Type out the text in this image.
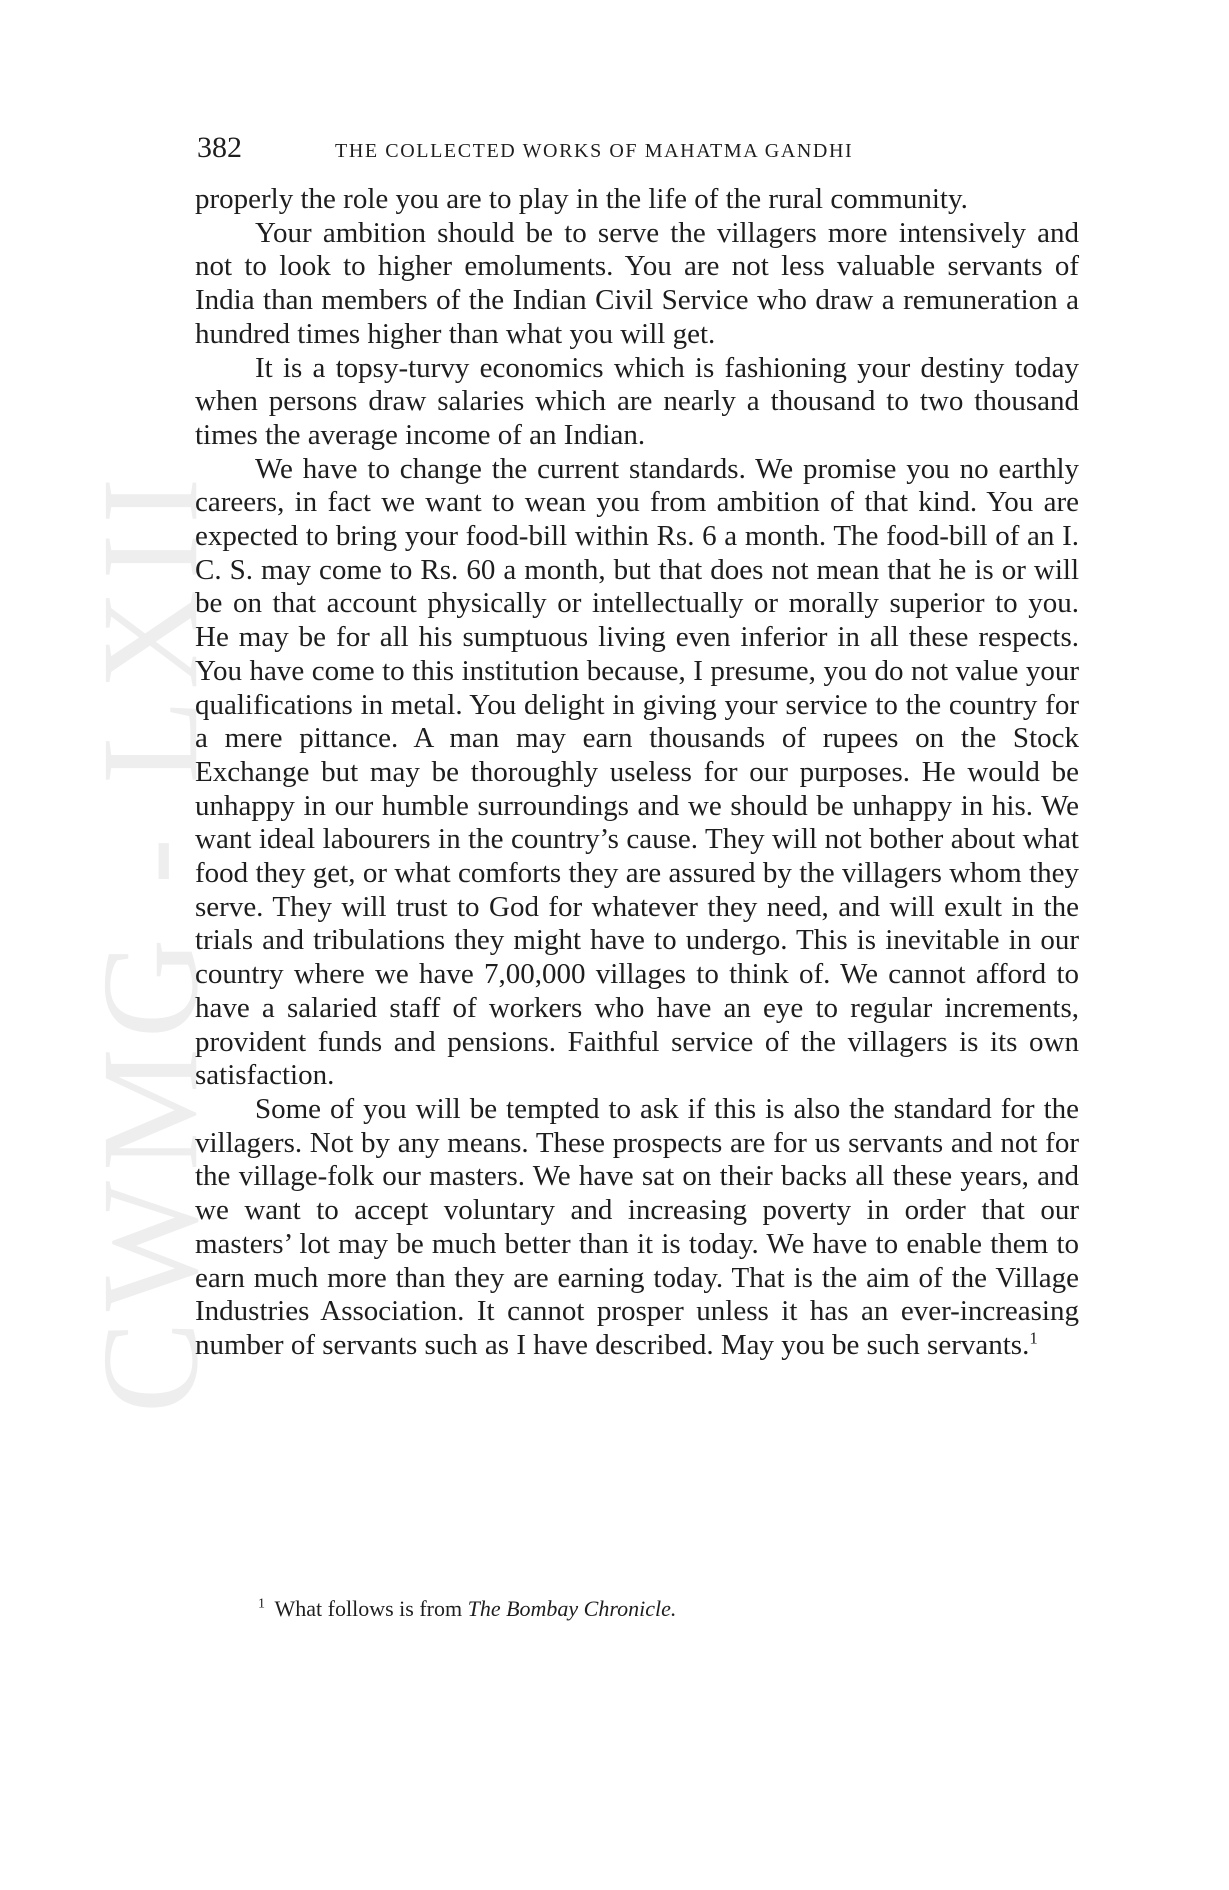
CWMG - LXII
382	THE COLLECTED WORKS OF MAHATMA GANDHI

properly the role you are to play in the life of the rural community.

Your ambition should be to serve the villagers more intensively and not to look to higher emoluments. You are not less valuable servants of India than members of the Indian Civil Service who draw a remuneration a hundred times higher than what you will get.

It is a topsy-turvy economics which is fashioning your destiny today when persons draw salaries which are nearly a thousand to two thousand times the average income of an Indian.

We have to change the current standards. We promise you no earthly careers, in fact we want to wean you from ambition of that kind. You are expected to bring your food-bill within Rs. 6 a month. The food-bill of an I. C. S. may come to Rs. 60 a month, but that does not mean that he is or will be on that account physically or intellectually or morally superior to you. He may be for all his sumptuous living even inferior in all these respects. You have come to this institution because, I presume, you do not value your qualifications in metal. You delight in giving your service to the country for a mere pittance. A man may earn thousands of rupees on the Stock Exchange but may be thoroughly useless for our purposes. He would be unhappy in our humble surroundings and we should be unhappy in his. We want ideal labourers in the country’s cause. They will not bother about what food they get, or what comforts they are assured by the villagers whom they serve. They will trust to God for whatever they need, and will exult in the trials and tribulations they might have to undergo. This is inevitable in our country where we have 7,00,000 villages to think of. We cannot afford to have a salaried staff of workers who have an eye to regular increments, provident funds and pensions. Faithful service of the villagers is its own satisfaction.

Some of you will be tempted to ask if this is also the standard for the villagers. Not by any means. These prospects are for us servants and not for the village-folk our masters. We have sat on their backs all these years, and we want to accept voluntary and increasing poverty in order that our masters’ lot may be much better than it is today. We have to enable them to earn much more than they are earning today. That is the aim of the Village Industries Association. It cannot prosper unless it has an ever-increasing number of servants such as I have described. May you be such servants.$^1$

$^1$ What follows is from The Bombay Chronicle.
